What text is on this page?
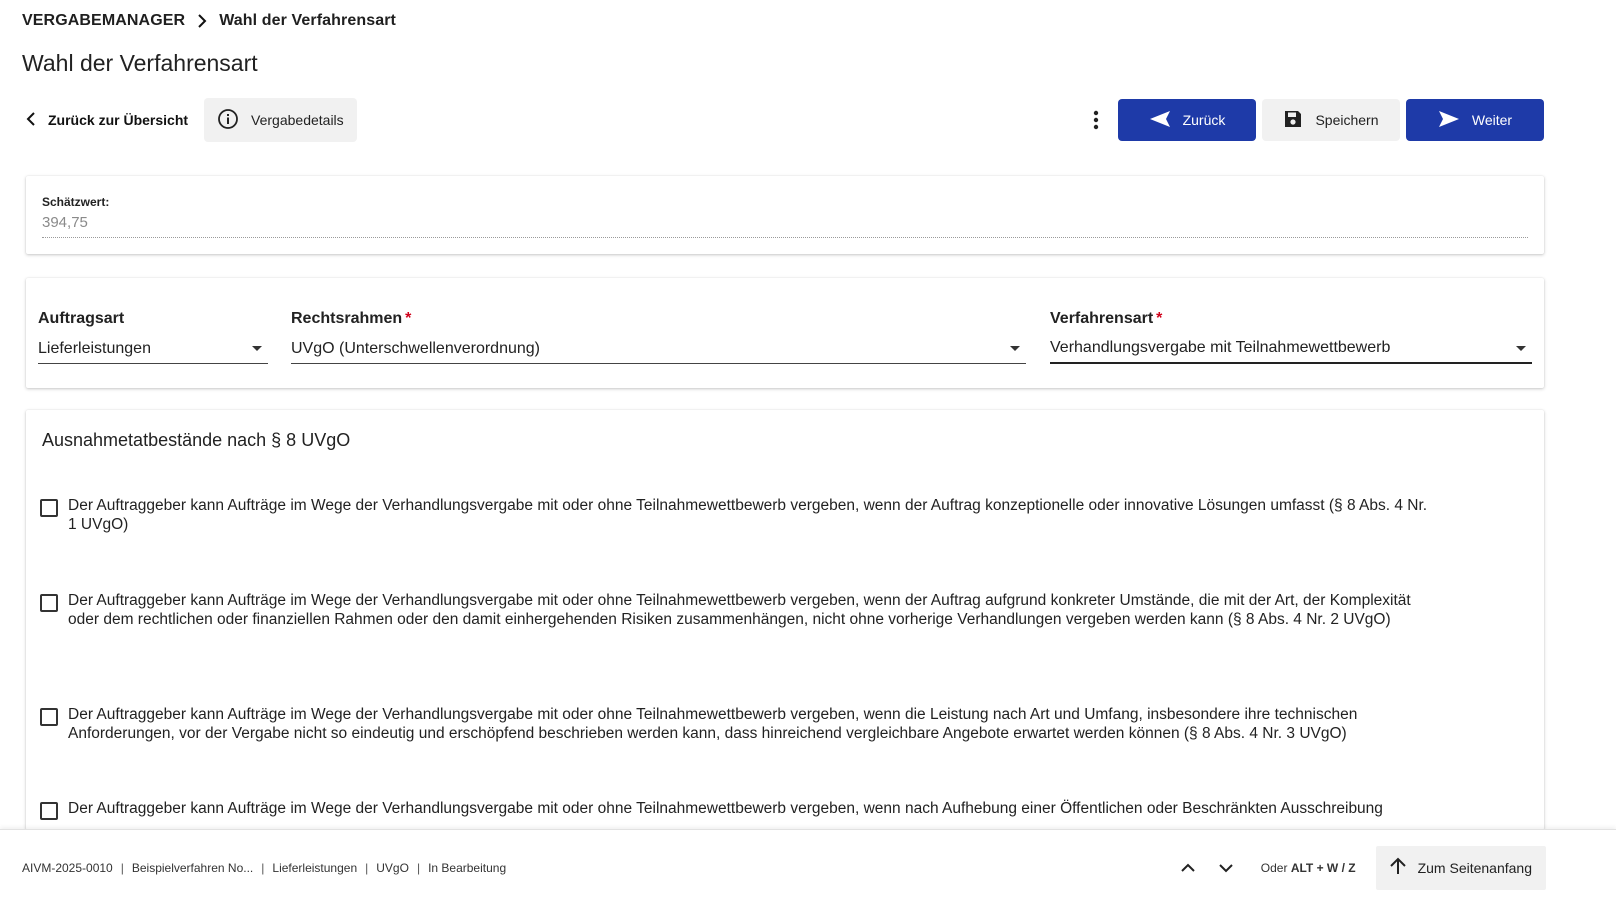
VERGABEMANAGER Wahl der Verfahrensart
Wahl der Verfahrensart
Zurück zur Übersicht	Vergabedetails	Zurück	Speichern	Weiter
Schätzwert:
394,75
Auftragsart
Lieferleistungen
Rechtsrahmen *
UVgO (Unterschwellenverordnung)
Verfahrensart *
Verhandlungsvergabe mit Teilnahmewettbewerb
Ausnahmetatbestände nach § 8 UVgO
Der Auftraggeber kann Aufträge im Wege der Verhandlungsvergabe mit oder ohne Teilnahmewettbewerb vergeben, wenn der Auftrag konzeptionelle oder innovative Lösungen umfasst (§ 8 Abs. 4 Nr. 1 UVgO)
Der Auftraggeber kann Aufträge im Wege der Verhandlungsvergabe mit oder ohne Teilnahmewettbewerb vergeben, wenn der Auftrag aufgrund konkreter Umstände, die mit der Art, der Komplexität oder dem rechtlichen oder finanziellen Rahmen oder den damit einhergehenden Risiken zusammenhängen, nicht ohne vorherige Verhandlungen vergeben werden kann (§ 8 Abs. 4 Nr. 2 UVgO)
Der Auftraggeber kann Aufträge im Wege der Verhandlungsvergabe mit oder ohne Teilnahmewettbewerb vergeben, wenn die Leistung nach Art und Umfang, insbesondere ihre technischen Anforderungen, vor der Vergabe nicht so eindeutig und erschöpfend beschrieben werden kann, dass hinreichend vergleichbare Angebote erwartet werden können (§ 8 Abs. 4 Nr. 3 UVgO)
Der Auftraggeber kann Aufträge im Wege der Verhandlungsvergabe mit oder ohne Teilnahmewettbewerb vergeben, wenn nach Aufhebung einer Öffentlichen oder Beschränkten Ausschreibung
AIVM-2025-0010 | Beispielverfahren No... | Lieferleistungen | UVgO | In Bearbeitung	Oder ALT + W / Z	Zum Seitenanfang
